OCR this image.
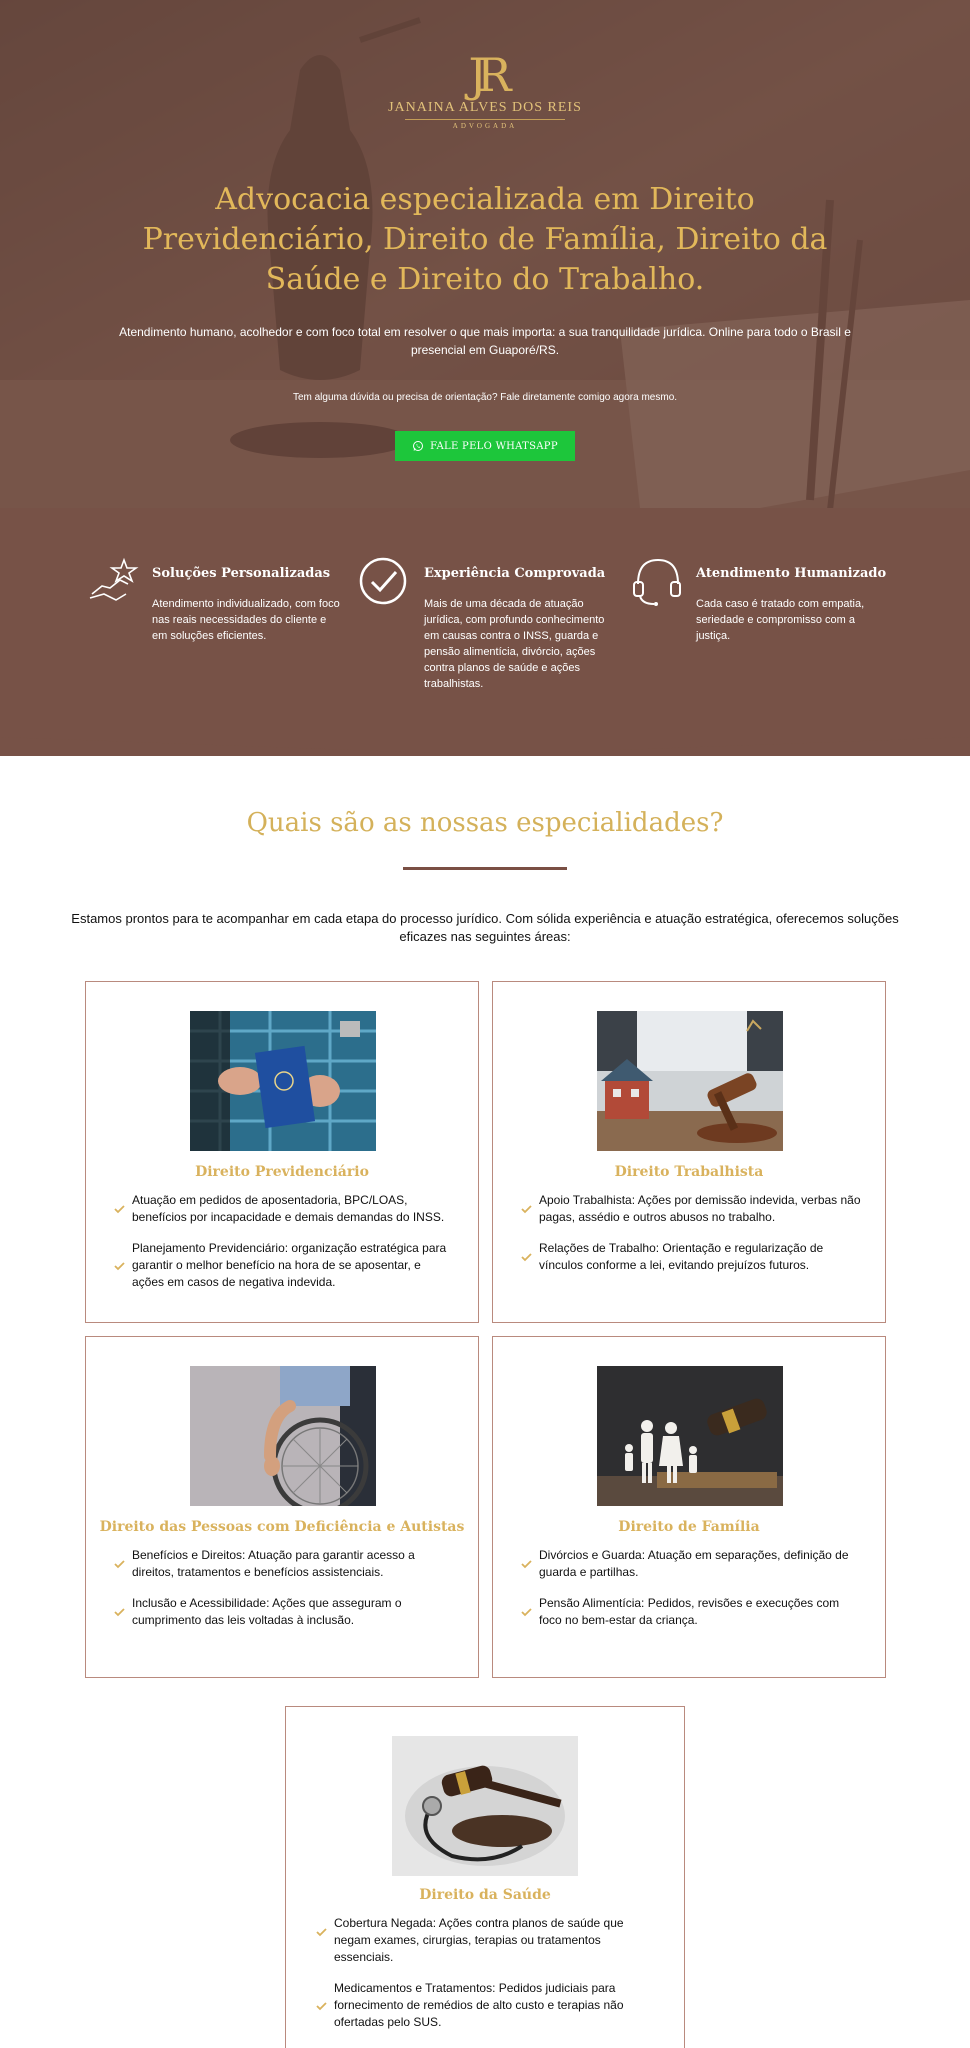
JR
JANAINA ALVES DOS REIS
ADVOGADA
Advocacia especializada em Direito Previdenciário, Direito de Família, Direito da Saúde e Direito do Trabalho.

Atendimento humano, acolhedor e com foco total em resolver o que mais importa: a sua tranquilidade jurídica. Online para todo o Brasil e presencial em Guaporé/RS.

Tem alguma dúvida ou precisa de orientação? Fale diretamente comigo agora mesmo.

FALE PELO WHATSAPP
Soluções Personalizadas
Atendimento individualizado, com foco nas reais necessidades do cliente e em soluções eficientes.
Experiência Comprovada
Mais de uma década de atuação jurídica, com profundo conhecimento em causas contra o INSS, guarda e pensão alimentícia, divórcio, ações contra planos de saúde e ações trabalhistas.
Atendimento Humanizado
Cada caso é tratado com empatia, seriedade e compromisso com a justiça.
Quais são as nossas especialidades?

Estamos prontos para te acompanhar em cada etapa do processo jurídico. Com sólida experiência e atuação estratégica, oferecemos soluções eficazes nas seguintes áreas:

Direito Previdenciário
Atuação em pedidos de aposentadoria, BPC/LOAS, benefícios por incapacidade e demais demandas do INSS.
Planejamento Previdenciário: organização estratégica para garantir o melhor benefício na hora de se aposentar, e ações em casos de negativa indevida.
Direito Trabalhista
Apoio Trabalhista: Ações por demissão indevida, verbas não pagas, assédio e outros abusos no trabalho.
Relações de Trabalho: Orientação e regularização de vínculos conforme a lei, evitando prejuízos futuros.
Direito das Pessoas com Deficiência e Autistas
Benefícios e Direitos: Atuação para garantir acesso a direitos, tratamentos e benefícios assistenciais.
Inclusão e Acessibilidade: Ações que asseguram o cumprimento das leis voltadas à inclusão.
Direito de Família
Divórcios e Guarda: Atuação em separações, definição de guarda e partilhas.
Pensão Alimentícia: Pedidos, revisões e execuções com foco no bem-estar da criança.
Direito da Saúde
Cobertura Negada: Ações contra planos de saúde que negam exames, cirurgias, terapias ou tratamentos essenciais.
Medicamentos e Tratamentos: Pedidos judiciais para fornecimento de remédios de alto custo e terapias não ofertadas pelo SUS.
